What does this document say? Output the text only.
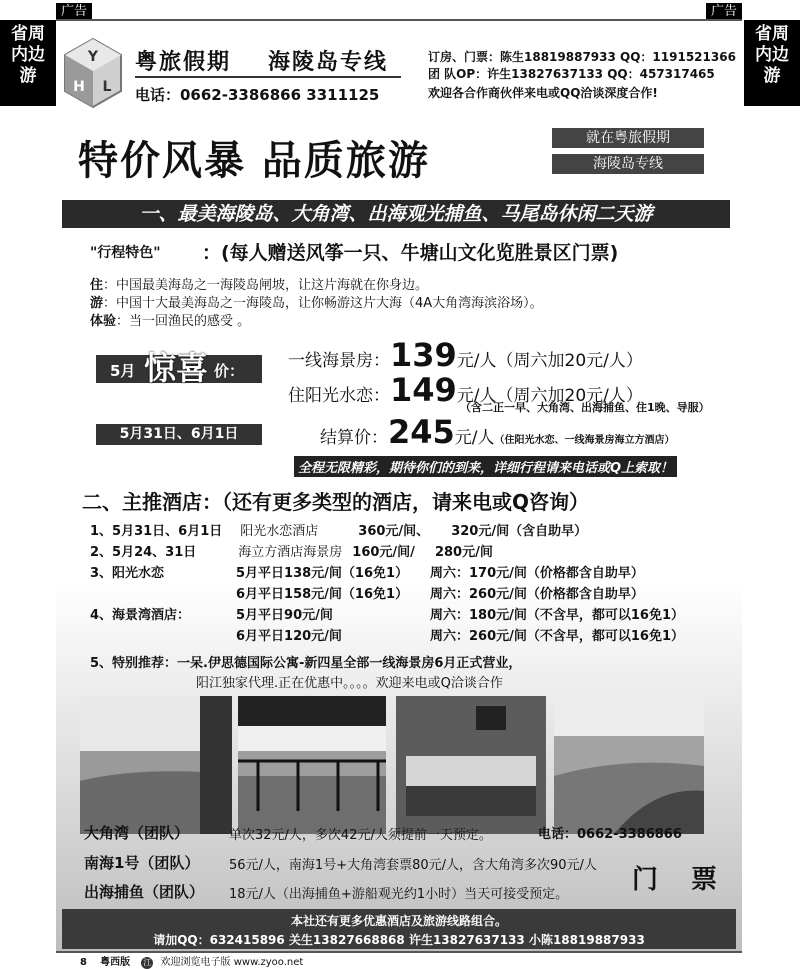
广告	广告
省周
内边
游
省周
内边
游
Y
H L
粤旅假期 海陵岛专线
电话：0662-3386866 3311125
订房、门票：陈生18819887933 QQ：1191521366
团 队OP：许生13827637133 QQ：457317465
欢迎各合作商伙伴来电或QQ洽谈深度合作!
特价风暴 品质旅游	就在粤旅假期
海陵岛专线
一、最美海陵岛、大角湾、出海观光捕鱼、马尾岛休闲二天游
"行程特色" ：(每人赠送风筝一只、牛塘山文化览胜景区门票)
住：中国最美海岛之一海陵岛闸坡，让这片海就在你身边。
游：中国十大最美海岛之一海陵岛，让你畅游这片大海（4A大角湾海滨浴场）。
体验：当一回渔民的感受 。
5月 惊喜 价：	一线海景房：139元/人（周六加20元/人）
住阳光水恋：149元/人（周六加20元/人）
（含二正一早、大角湾、出海捕鱼、住1晚、导服）
5月31日、6月1日	结算价：245元/人（住阳光水恋、一线海景房海立方酒店）
全程无限精彩，期待你们的到来，详细行程请来电话或Q上索取！
二、主推酒店：（还有更多类型的酒店，请来电或Q咨询）
1、5月31日、6月1日 阳光水恋酒店	360元/间、 320元/间（含自助早）
2、5月24、31日	海立方酒店海景房 160元/间/ 280元/间
3、阳光水恋	5月平日138元/间（16免1） 周六：170元/间（价格都含自助早）
6月平日158元/间（16免1） 周六：260元/间（价格都含自助早）
4、海景湾酒店：	5月平日90元/间	周六：180元/间（不含早，都可以16免1）
6月平日120元/间	周六：260元/间（不含早，都可以16免1）
5、特别推荐：一呆.伊思德国际公寓-新四星全部一线海景房6月正式营业，
阳江独家代理.正在优惠中。。。。欢迎来电或Q洽谈合作
大角湾（团队）	单次32元/人，多次42元/人须提前一天预定。	电话：0662-3386866
南海1号（团队） 56元/人，南海1号+大角湾套票80元/人，含大角湾多次90元/人
出海捕鱼（团队） 18元/人（出海捕鱼+游船观光约1小时）当天可接受预定。 门 票
本社还有更多优惠酒店及旅游线路组合。
请加QQ：632415896 关生13827668868 许生13827637133 小陈18819887933
8 粤西版 江 欢迎浏览电子版 www.zyoo.net
